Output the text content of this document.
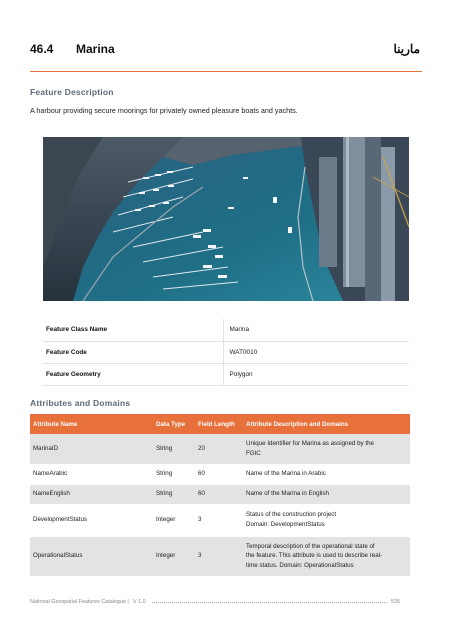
46.4 Marina	مارينا
Feature Description
A harbour providing secure moorings for privately owned pleasure boats and yachts.
Feature Class Name	Marina
Feature Code	WAT0010
Feature Geometry	Polygon
Attributes and Domains
Attribute Name	Data Type	Field Length	Attribute Description and Domains
MarinaID	String	20	Unique Identifier for Marina as assigned by the
FGIC
NameArabic	String	60	Name of the Marina in Arabic
NameEnglish	String	60	Name of the Marina in English
DevelopmentStatus	Integer	3	Status of the construction project
Domain: DevelopmentStatus
OperationalStatus	Integer	3	Temporal description of the operational state of
the feature. This attribute is used to describe real-
time status. Domain: OperationalStatus
National Geospatial Features Catalogue | V 1.0	535
